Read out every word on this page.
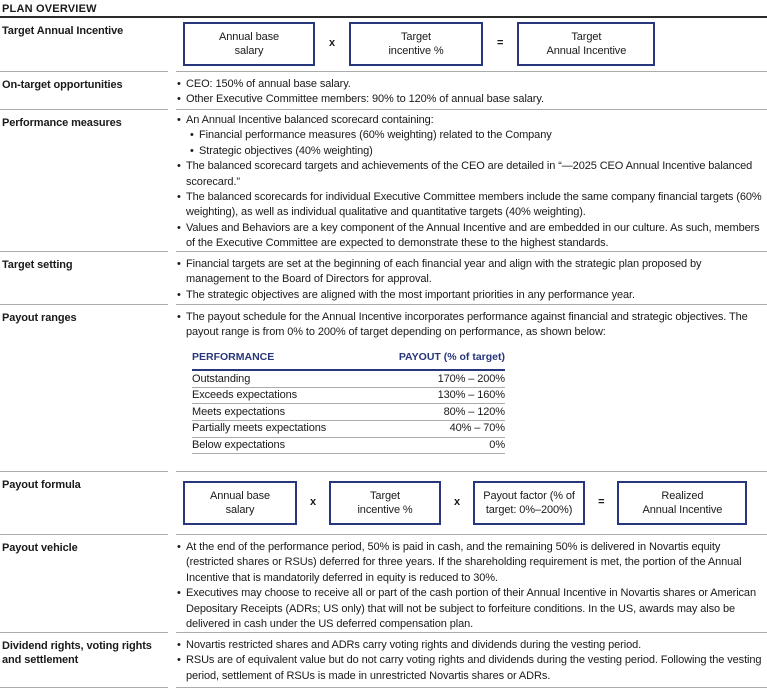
PLAN OVERVIEW
Target Annual Incentive	Annual base
salary
x
Target
incentive %
=
Target
Annual Incentive
On-target opportunities	• CEO: 150% of annual base salary.
• Other Executive Committee members: 90% to 120% of annual base salary.
Performance measures	• An Annual Incentive balanced scorecard containing:
• Financial performance measures (60% weighting) related to the Company
• Strategic objectives (40% weighting)
• The balanced scorecard targets and achievements of the CEO are detailed in “—2025 CEO Annual Incentive balanced scorecard.”
• The balanced scorecards for individual Executive Committee members include the same company financial targets (60% weighting), as well as individual qualitative and quantitative targets (40% weighting).
• Values and Behaviors are a key component of the Annual Incentive and are embedded in our culture. As such, members of the Executive Committee are expected to demonstrate these to the highest standards.
Target setting	• Financial targets are set at the beginning of each financial year and align with the strategic plan proposed by management to the Board of Directors for approval.
• The strategic objectives are aligned with the most important priorities in any performance year.
Payout ranges	• The payout schedule for the Annual Incentive incorporates performance against financial and strategic objectives. The payout range is from 0% to 200% of target depending on performance, as shown below:
PERFORMANCE	PAYOUT (% of target)
Outstanding	170% – 200%
Exceeds expectations	130% – 160%
Meets expectations	80% – 120%
Partially meets expectations	40% – 70%
Below expectations	0%
Payout formula
Annual base
salary
x
Target
incentive %
x
Payout factor (% of
target: 0%–200%)
=
Realized
Annual Incentive
Payout vehicle	• At the end of the performance period, 50% is paid in cash, and the remaining 50% is delivered in Novartis equity (restricted shares or RSUs) deferred for three years. If the shareholding requirement is met, the portion of the Annual Incentive that is mandatorily deferred in equity is reduced to 30%.
• Executives may choose to receive all or part of the cash portion of their Annual Incentive in Novartis shares or American Depositary Receipts (ADRs; US only) that will not be subject to forfeiture conditions. In the US, awards may also be delivered in cash under the US deferred compensation plan.
Dividend rights, voting rights and settlement
• Novartis restricted shares and ADRs carry voting rights and dividends during the vesting period.
• RSUs are of equivalent value but do not carry voting rights and dividends during the vesting period. Following the vesting period, settlement of RSUs is made in unrestricted Novartis shares or ADRs.
